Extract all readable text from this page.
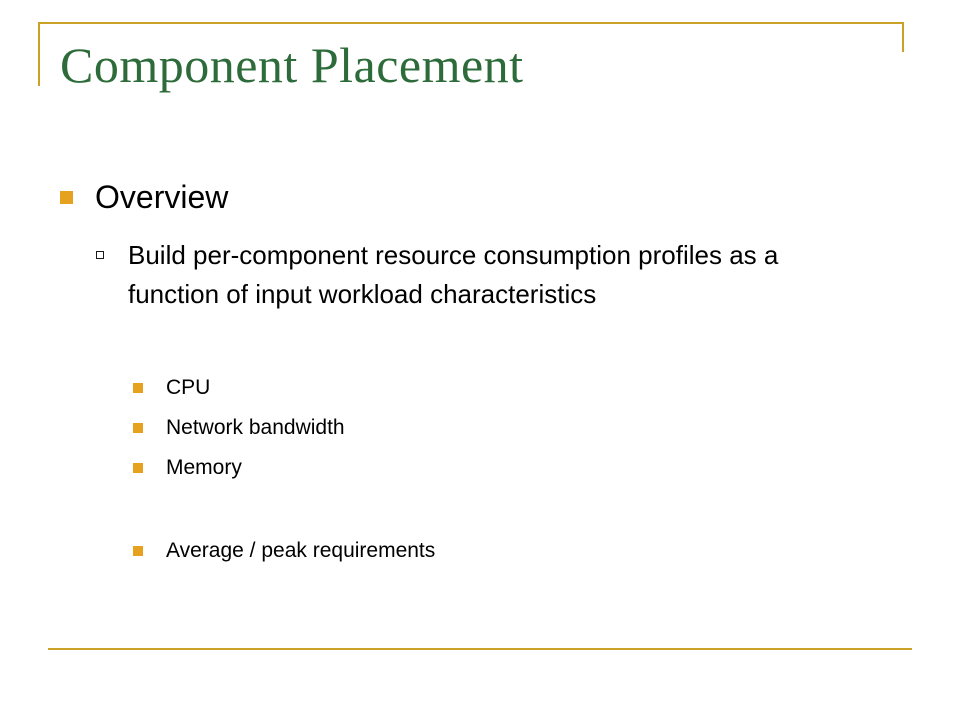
Component Placement
Overview
Build per-component resource consumption profiles as a function of input workload characteristics
CPU
Network bandwidth
Memory
Average / peak requirements
